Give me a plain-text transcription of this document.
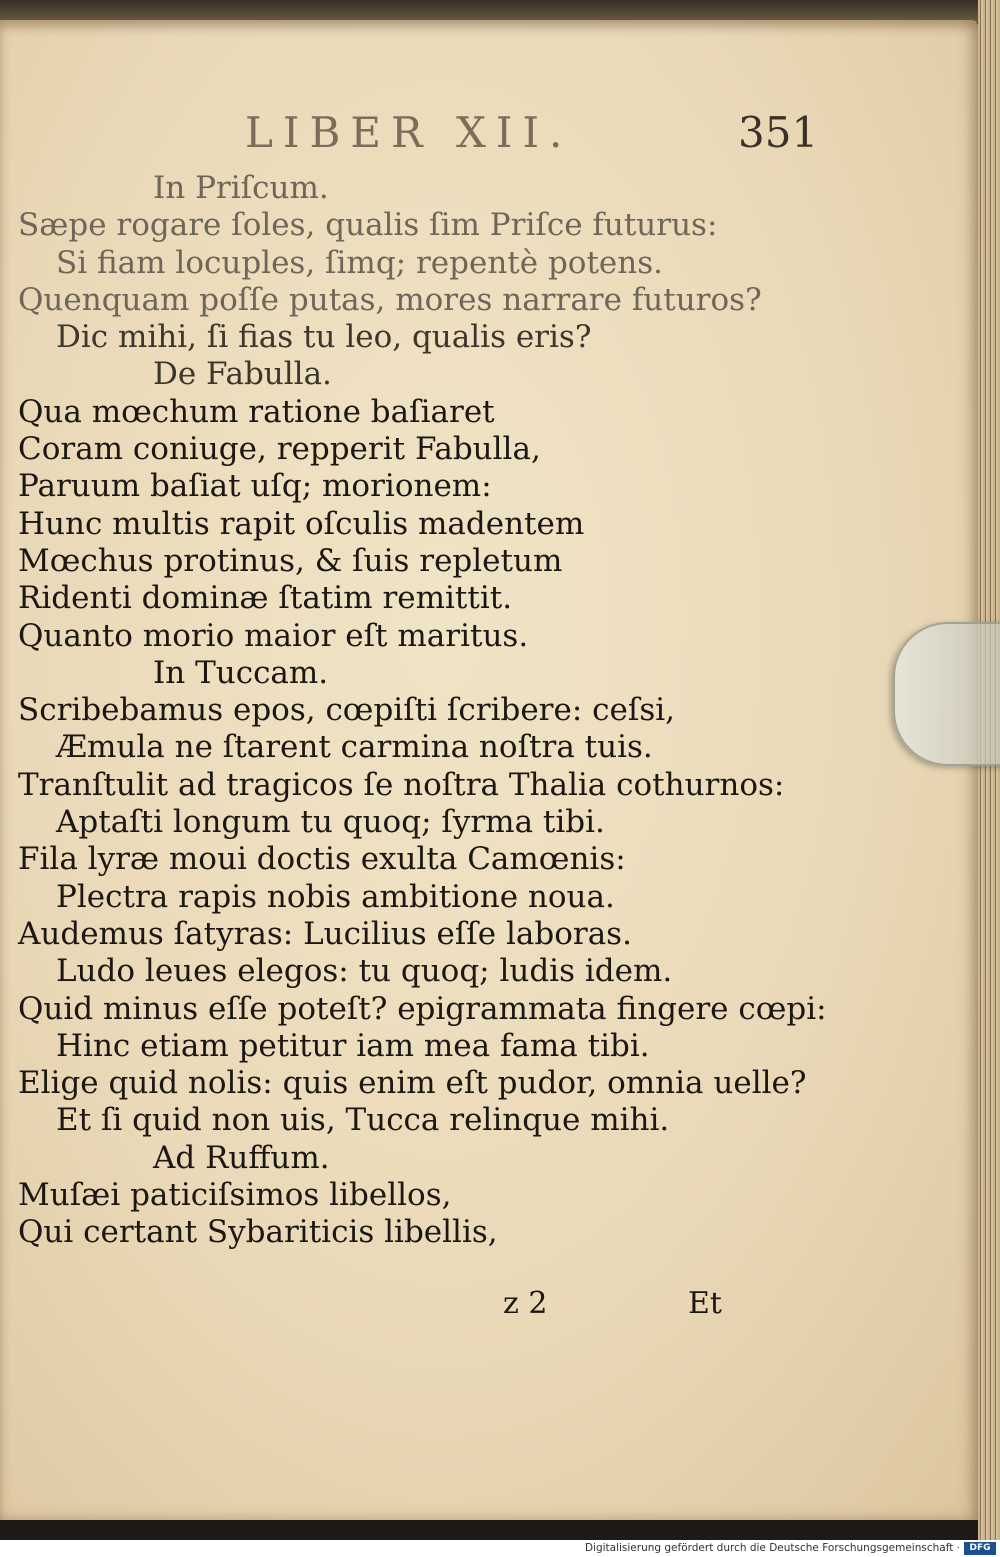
LIBER XII.	351
In Priſcum.
Sæpe rogare ſoles, qualis ſim Priſce futurus:
Si fiam locuples, ſimq; repentè potens.
Quenquam poſſe putas, mores narrare futuros?
Dic mihi, ſi fias tu leo, qualis eris?
De Fabulla.
Qua mœchum ratione baſiaret
Coram coniuge, repperit Fabulla,
Paruum baſiat uſq; morionem:
Hunc multis rapit oſculis madentem
Mœchus protinus, & ſuis repletum
Ridenti dominæ ſtatim remittit.
Quanto morio maior eſt maritus.
In Tuccam.
Scribebamus epos, cœpiſti ſcribere: ceſsi,
Æmula ne ſtarent carmina noſtra tuis.
Tranſtulit ad tragicos ſe noſtra Thalia cothurnos:
Aptaſti longum tu quoq; ſyrma tibi.
Fila lyræ moui doctis exulta Camœnis:
Plectra rapis nobis ambitione noua.
Audemus ſatyras: Lucilius eſſe laboras.
Ludo leues elegos: tu quoq; ludis idem.
Quid minus eſſe poteſt? epigrammata fingere cœpi:
Hinc etiam petitur iam mea fama tibi.
Elige quid nolis: quis enim eſt pudor, omnia uelle?
Et ſi quid non uis, Tucca relinque mihi.
Ad Ruffum.
Muſæi paticiſsimos libellos,
Qui certant Sybariticis libellis,
z 2	Et
Digitalisierung gefördert durch die Deutsche Forschungsgemeinschaft ·	DFG
